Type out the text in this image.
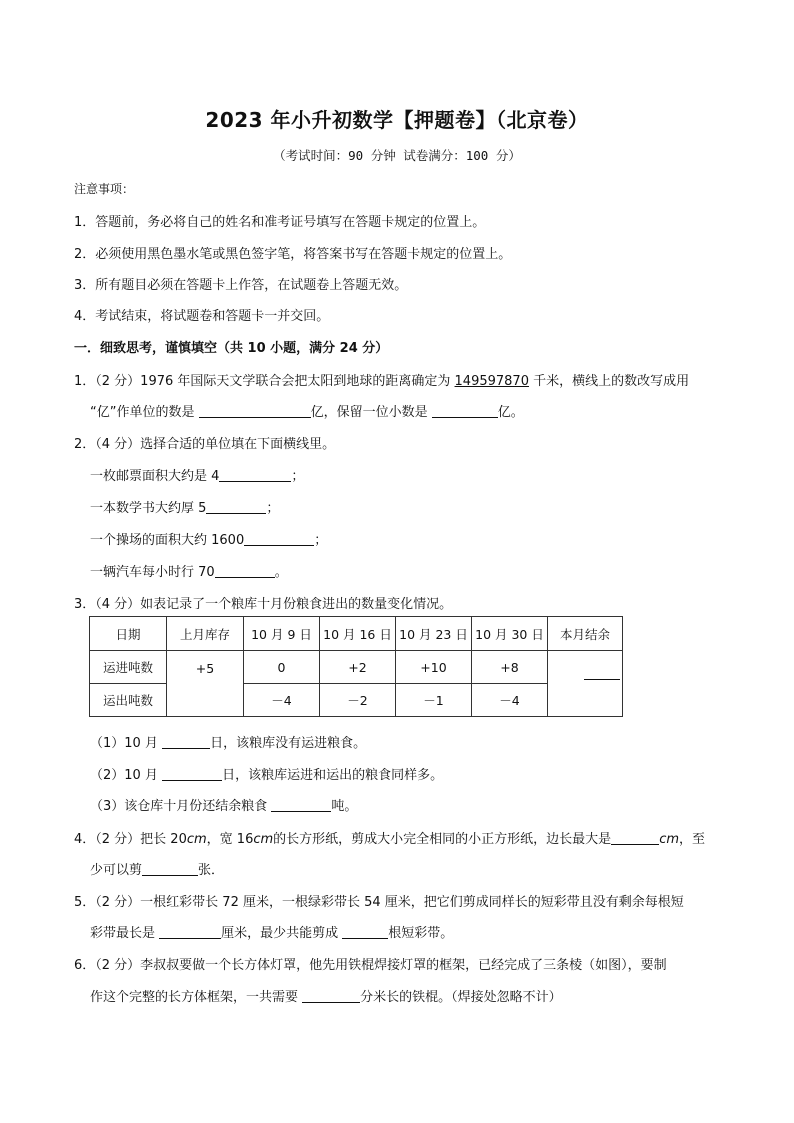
2023 年小升初数学【押题卷】（北京卷）
（考试时间：90 分钟 试卷满分：100 分）
注意事项：
1．答题前，务必将自己的姓名和准考证号填写在答题卡规定的位置上。
2．必须使用黑色墨水笔或黑色签字笔，将答案书写在答题卡规定的位置上。
3．所有题目必须在答题卡上作答，在试题卷上答题无效。
4．考试结束，将试题卷和答题卡一并交回。
一．细致思考，谨慎填空（共 10 小题，满分 24 分）
1．（2 分）1976 年国际天文学联合会把太阳到地球的距离确定为 149597870 千米，横线上的数改写成用
“亿”作单位的数是	亿，保留一位小数是	亿。
2．（4 分）选择合适的单位填在下面横线里。
一枚邮票面积大约是 4	；
一本数学书大约厚 5	；
一个操场的面积大约 1600	；
一辆汽车每小时行 70	。
3．（4 分）如表记录了一个粮库十月份粮食进出的数量变化情况。
日期	上月库存	10 月 9 日	10 月 16 日	10 月 23 日	10 月 30 日	本月结余
运进吨数	+5	0	+2	+10	+8	
运出吨数		－4	－2	－1	－4	
（1）10 月	日，该粮库没有运进粮食。
（2）10 月	日，该粮库运进和运出的粮食同样多。
（3）该仓库十月份还结余粮食	吨。
4．（2 分）把长 20cm，宽 16cm的长方形纸，剪成大小完全相同的小正方形纸，边长最大是	cm，至
少可以剪	张．
5．（2 分）一根红彩带长 72 厘米，一根绿彩带长 54 厘米，把它们剪成同样长的短彩带且没有剩余每根短
彩带最长是	厘米，最少共能剪成	根短彩带。
6．（2 分）李叔叔要做一个长方体灯罩，他先用铁棍焊接灯罩的框架，已经完成了三条棱（如图），要制
作这个完整的长方体框架，一共需要	分米长的铁棍。（焊接处忽略不计）
